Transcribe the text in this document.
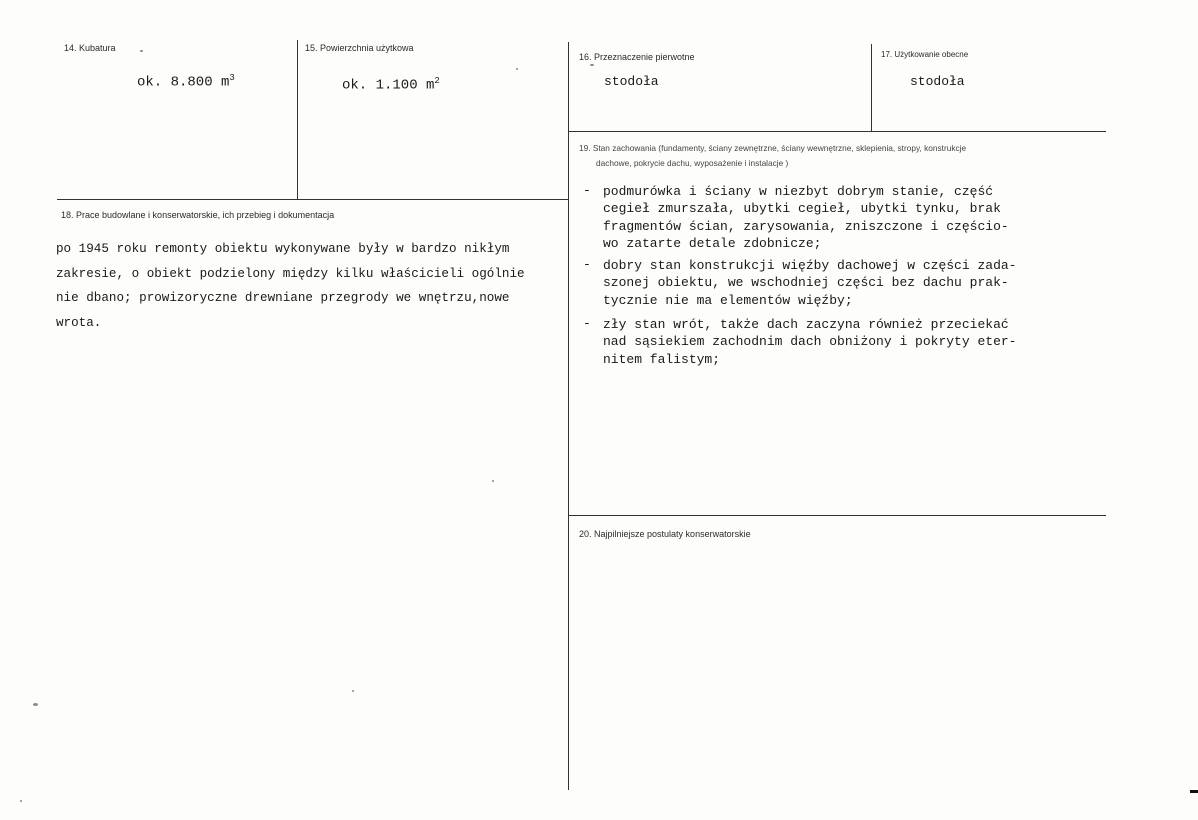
14. Kubatura
ok. 8.800 $m^3$
15. Powierzchnia użytkowa
ok. 1.100 $m^2$
16. Przeznaczenie pierwotne
stodoła
17. Użytkowanie obecne
stodoła
18. Prace budowlane i konserwatorskie, ich przebieg i dokumentacja

po 1945 roku remonty obiektu wykonywane były w bardzo nikłym

zakresie, o obiekt podzielony między kilku właścicieli ogólnie

nie dbano; prowizoryczne drewniane przegrody we wnętrzu,nowe

wrota.

19. Stan zachowania (fundamenty, ściany zewnętrzne, ściany wewnętrzne, sklepienia, stropy, konstrukcje
dachowe, pokrycie dachu, wyposażenie i instalacje )
- podmurówka i ściany w niezbyt dobrym stanie, część
cegieł zmurszała, ubytki cegieł, ubytki tynku, brak
fragmentów ścian, zarysowania, zniszczone i częścio-
wo zatarte detale zdobnicze;
- dobry stan konstrukcji więźby dachowej w części zada-
szonej obiektu, we wschodniej części bez dachu prak-
tycznie nie ma elementów więźby;
- zły stan wrót, także dach zaczyna również przeciekać
nad sąsiekiem zachodnim dach obniżony i pokryty eter-
nitem falistym;
20. Najpilniejsze postulaty konserwatorskie
